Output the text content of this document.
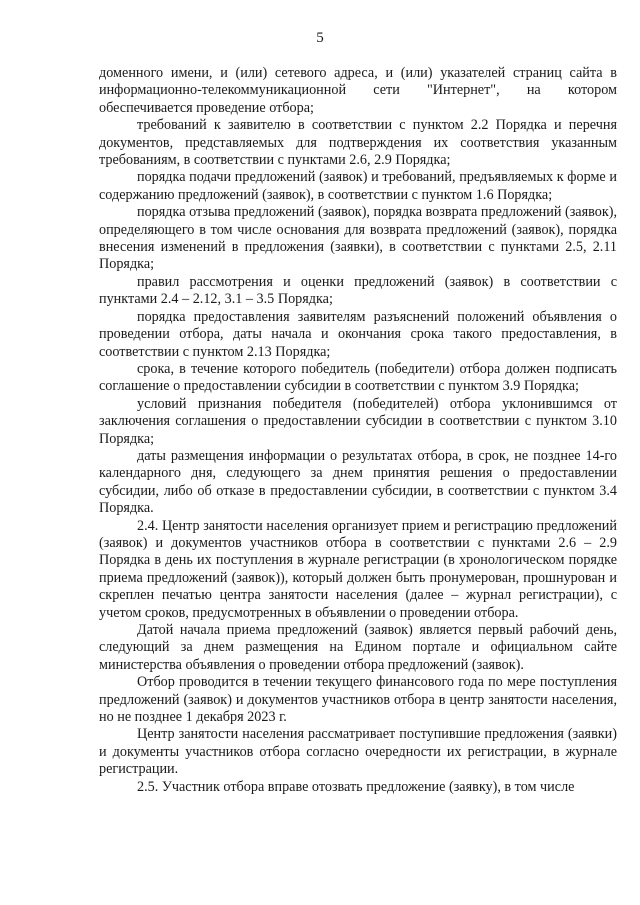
5

доменного имени, и (или) сетевого адреса, и (или) указателей страниц сайта в информационно-телекоммуникационной сети "Интернет", на котором обеспечивается проведение отбора;

требований к заявителю в соответствии с пунктом 2.2 Порядка и перечня документов, представляемых для подтверждения их соответствия указанным требованиям, в соответствии с пунктами 2.6, 2.9 Порядка;

порядка подачи предложений (заявок) и требований, предъявляемых к форме и содержанию предложений (заявок), в соответствии с пунктом 1.6 Порядка;

порядка отзыва предложений (заявок), порядка возврата предложений (заявок), определяющего в том числе основания для возврата предложений (заявок), порядка внесения изменений в предложения (заявки), в соответствии с пунктами 2.5, 2.11 Порядка;

правил рассмотрения и оценки предложений (заявок) в соответствии с пунктами 2.4 – 2.12, 3.1 – 3.5 Порядка;

порядка предоставления заявителям разъяснений положений объявления о проведении отбора, даты начала и окончания срока такого предоставления, в соответствии с пунктом 2.13 Порядка;

срока, в течение которого победитель (победители) отбора должен подписать соглашение о предоставлении субсидии в соответствии с пунктом 3.9 Порядка;

условий признания победителя (победителей) отбора уклонившимся от заключения соглашения о предоставлении субсидии в соответствии с пунктом 3.10 Порядка;

даты размещения информации о результатах отбора, в срок, не позднее 14-го календарного дня, следующего за днем принятия решения о предоставлении субсидии, либо об отказе в предоставлении субсидии, в соответствии с пунктом 3.4 Порядка.

2.4. Центр занятости населения организует прием и регистрацию предложений (заявок) и документов участников отбора в соответствии с пунктами 2.6 – 2.9 Порядка в день их поступления в журнале регистрации (в хронологическом порядке приема предложений (заявок)), который должен быть пронумерован, прошнурован и скреплен печатью центра занятости населения (далее – журнал регистрации), с учетом сроков, предусмотренных в объявлении о проведении отбора.

Датой начала приема предложений (заявок) является первый рабочий день, следующий за днем размещения на Едином портале и официальном сайте министерства объявления о проведении отбора предложений (заявок).

Отбор проводится в течении текущего финансового года по мере поступления предложений (заявок) и документов участников отбора в центр занятости населения, но не позднее 1 декабря 2023 г.

Центр занятости населения рассматривает поступившие предложения (заявки) и документы участников отбора согласно очередности их регистрации, в журнале регистрации.

2.5. Участник отбора вправе отозвать предложение (заявку), в том числе
